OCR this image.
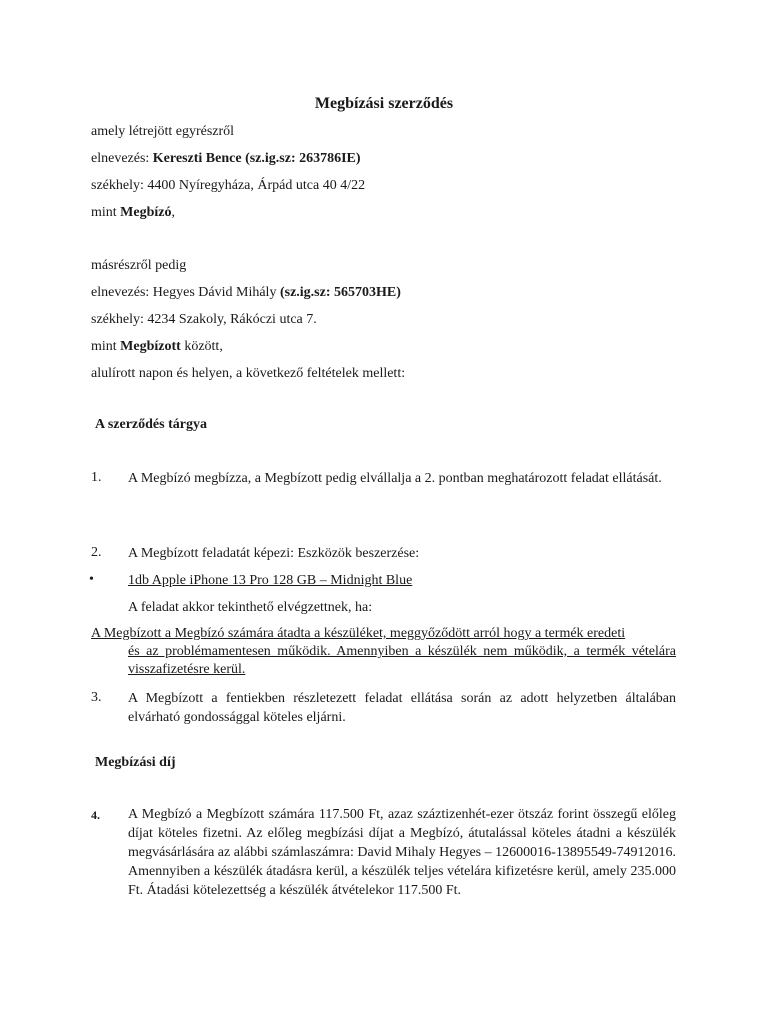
Megbízási szerződés
amely létrejött egyrészről
elnevezés: Kereszti Bence (sz.ig.sz: 263786IE)
székhely: 4400 Nyíregyháza, Árpád utca 40 4/22
mint Megbízó,
másrészről pedig
elnevezés: Hegyes Dávid Mihály (sz.ig.sz: 565703HE)
székhely: 4234 Szakoly, Rákóczi utca 7.
mint Megbízott között,
alulírott napon és helyen, a következő feltételek mellett:
A szerződés tárgya
1. A Megbízó megbízza, a Megbízott pedig elvállalja a 2. pontban meghatározott feladat ellátását.
2. A Megbízott feladatát képezi: Eszközök beszerzése:
• 1db Apple iPhone 13 Pro 128 GB – Midnight Blue
A feladat akkor tekinthető elvégzettnek, ha:
A Megbízott a Megbízó számára átadta a készüléket, meggyőződött arról hogy a termék eredeti
és az problémamentesen működik. Amennyiben a készülék nem működik, a termék vételára visszafizetésre kerül.
3. A Megbízott a fentiekben részletezett feladat ellátása során az adott helyzetben általában elvárható gondossággal köteles eljárni.
Megbízási díj
4. A Megbízó a Megbízott számára 117.500 Ft, azaz száztizenhét-ezer ötszáz forint összegű előleg díjat köteles fizetni. Az előleg megbízási díjat a Megbízó, átutalással köteles átadni a készülék megvásárlására az alábbi számlaszámra: David Mihaly Hegyes – 12600016-13895549-74912016. Amennyiben a készülék átadásra kerül, a készülék teljes vételára kifizetésre kerül, amely 235.000 Ft. Átadási kötelezettség a készülék átvételekor 117.500 Ft.
